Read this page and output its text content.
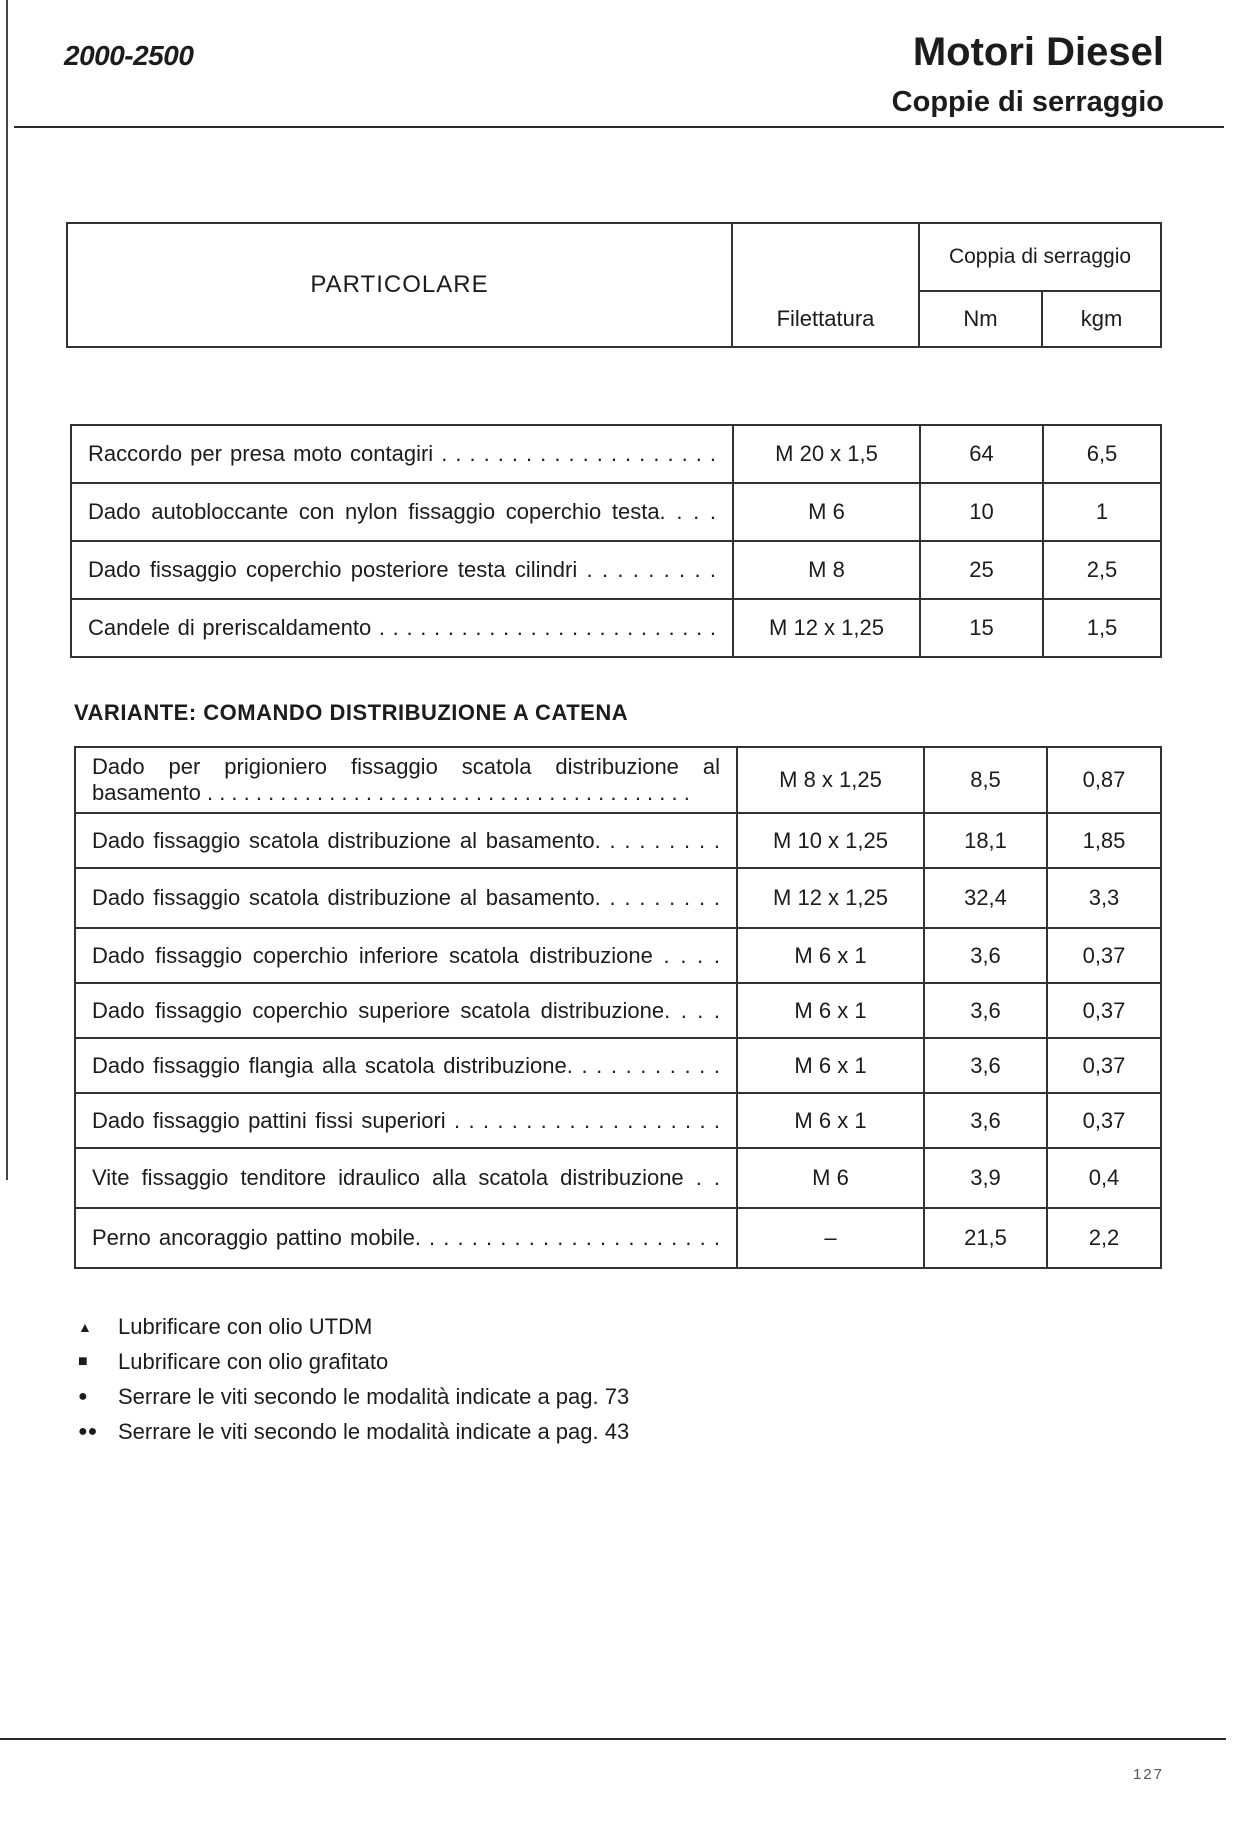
2000-2500	Motori Diesel
Coppie di serraggio
PARTICOLARE	Filettatura	Coppia di serraggio	
		Nm	kgm
Raccordo per presa moto contagiri . . . . . . . . . . . . . . . . . . . .	M 20 x 1,5	64	6,5
Dado autobloccante con nylon fissaggio coperchio testa. . . .	M 6	10	1
Dado fissaggio coperchio posteriore testa cilindri . . . . . . . . .	M 8	25	2,5
Candele di preriscaldamento . . . . . . . . . . . . . . . . . . . . . . . . .	M 12 x 1,25	15	1,5
VARIANTE: COMANDO DISTRIBUZIONE A CATENA
Dado per prigioniero fissaggio scatola distribuzione al basamento . . . . . . . . . . . . . . . . . . . . . . . . . . . . . . . . . . . . . . . .	M 8 x 1,25	8,5	0,87
Dado fissaggio scatola distribuzione al basamento. . . . . . . . .	M 10 x 1,25	18,1	1,85
Dado fissaggio scatola distribuzione al basamento. . . . . . . . .	M 12 x 1,25	32,4	3,3
Dado fissaggio coperchio inferiore scatola distribuzione . . . .	M 6 x 1	3,6	0,37
Dado fissaggio coperchio superiore scatola distribuzione. . . .	M 6 x 1	3,6	0,37
Dado fissaggio flangia alla scatola distribuzione. . . . . . . . . . .	M 6 x 1	3,6	0,37
Dado fissaggio pattini fissi superiori . . . . . . . . . . . . . . . . . . .	M 6 x 1	3,6	0,37
Vite fissaggio tenditore idraulico alla scatola distribuzione . .	M 6	3,9	0,4
Perno ancoraggio pattino mobile. . . . . . . . . . . . . . . . . . . . . .	–	21,5	2,2
▲	Lubrificare con olio UTDM
■	Lubrificare con olio grafitato
●	Serrare le viti secondo le modalità indicate a pag. 73
●● Serrare le viti secondo le modalità indicate a pag. 43
127
